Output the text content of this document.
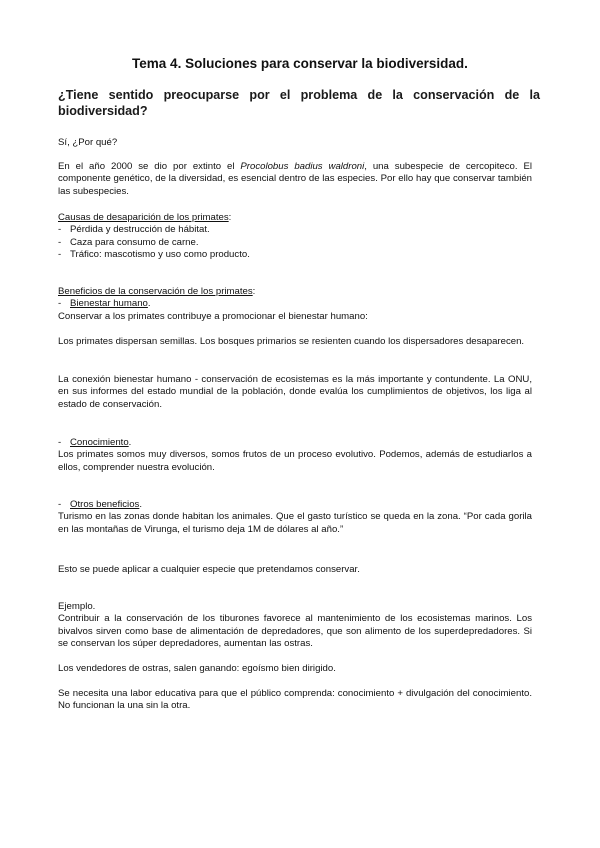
Tema 4. Soluciones para conservar la biodiversidad.
¿Tiene sentido preocuparse por el problema de la conservación de la biodiversidad?
Sí, ¿Por qué?
En el año 2000 se dio por extinto el Procolobus badius waldroni, una subespecie de cercopiteco. El componente genético, de la diversidad, es esencial dentro de las especies. Por ello hay que conservar también las subespecies.
Causas de desaparición de los primates:
- Pérdida y destrucción de hábitat.
- Caza para consumo de carne.
- Tráfico: mascotismo y uso como producto.
Beneficios de la conservación de los primates:
- Bienestar humano .
Conservar a los primates contribuye a promocionar el bienestar humano:
Los primates dispersan semillas. Los bosques primarios se resienten cuando los dispersadores desaparecen.
La conexión bienestar humano - conservación de ecosistemas es la más importante y contundente. La ONU, en sus informes del estado mundial de la población, donde evalúa los cumplimientos de objetivos, los liga al estado de conservación.
- Conocimiento .
Los primates somos muy diversos, somos frutos de un proceso evolutivo. Podemos, además de estudiarlos a ellos, comprender nuestra evolución.
- Otros beneficios .
Turismo en las zonas donde habitan los animales. Que el gasto turístico se queda en la zona. “Por cada gorila en las montañas de Virunga, el turismo deja 1M de dólares al año.”
Esto se puede aplicar a cualquier especie que pretendamos conservar.
Ejemplo.
Contribuir a la conservación de los tiburones favorece al mantenimiento de los ecosistemas marinos. Los bivalvos sirven como base de alimentación de depredadores, que son alimento de los superdepredadores. Si se conservan los súper depredadores, aumentan las ostras.
Los vendedores de ostras, salen ganando: egoísmo bien dirigido.
Se necesita una labor educativa para que el público comprenda: conocimiento + divulgación del conocimiento. No funcionan la una sin la otra.
